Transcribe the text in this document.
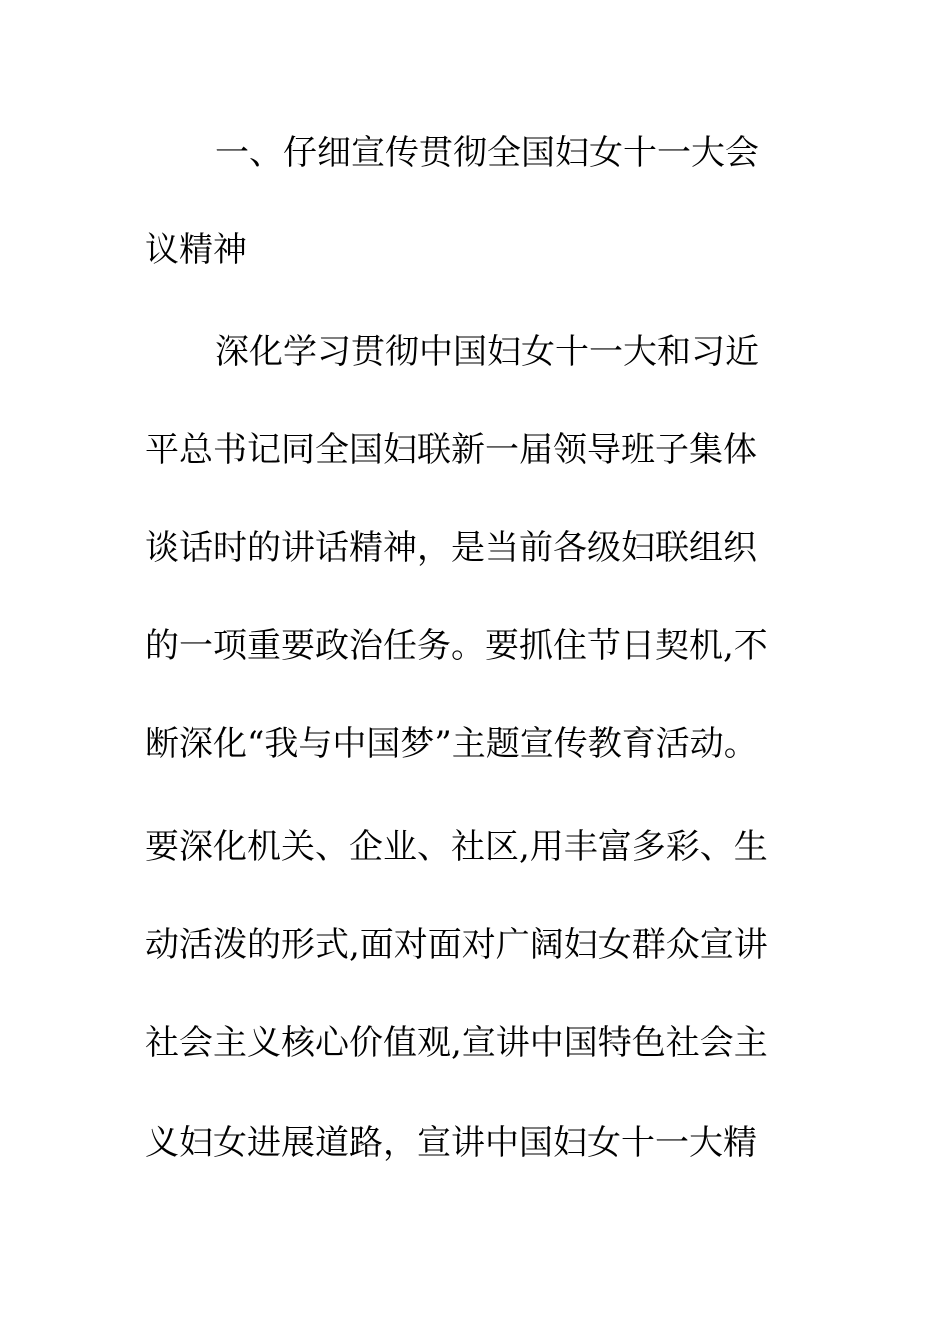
一、仔细宣传贯彻全国妇女十一大会
议精神
深化学习贯彻中国妇女十一大和习近
平总书记同全国妇联新一届领导班子集体
谈话时的讲话精神，是当前各级妇联组织
的一项重要政治任务。要抓住节日契机,不
断深化“我与中国梦”主题宣传教育活动。
要深化机关、企业、社区,用丰富多彩、生
动活泼的形式,面对面对广阔妇女群众宣讲
社会主义核心价值观,宣讲中国特色社会主
义妇女进展道路，宣讲中国妇女十一大精
